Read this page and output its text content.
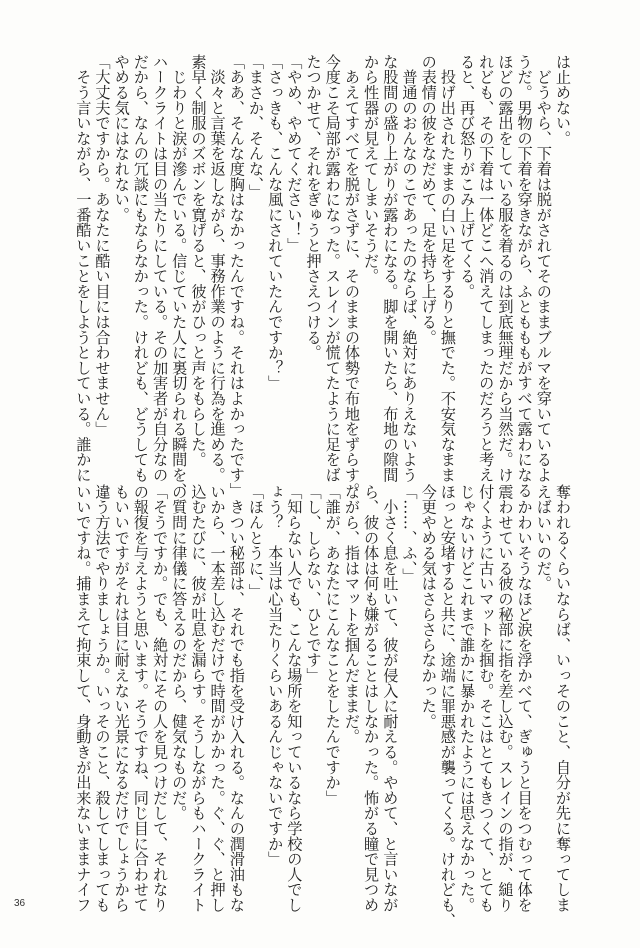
は止めない。
　どうやら、下着は脱がされてそのままブルマを穿いているよ
うだ。男物の下着を穿きながら、ふともももがすべて露わになる
ほどの露出をしている服を着るのは到底無理だから当然だ。け
れども、その下着は一体どこへ消えてしまったのだろうと考え
ると、再び怒りがこみ上げてくる。
　投げ出されたままの白い足をするりと撫でた。不安気なまま
の表情の彼をなだめて、足を持ち上げる。
　普通のおんなのこであったのならば、絶対にありえないよう
な股間の盛り上がりが露わになる。脚を開いたら、布地の隙間
から性器が見えてしまいそうだ。
　あえてすべてを脱がさずに、そのままの体勢で布地をずらす。
今度こそ局部が露わになった。スレインが慌てたように足をば
たつかせて、それをぎゅうと押さえつける。
「やめ、やめてください！」
「さっきも、こんな風にされていたんですか？」
「まさか、そんな、」
「ああ、そんな度胸はなかったんですね。それはよかったです」
　淡々と言葉を返しながら、事務作業のように行為を進める。
素早く制服のズボンを寛げると、彼がひっと声をもらした。
　じわりと涙が滲んでいる。信じていた人に裏切られる瞬間を、
ハークライトは目の当たりにしている。その加害者が自分なの
だから、なんの冗談にもならなかった。けれども、どうしても
やめる気にはなれない。
「大丈夫ですから。あなたに酷い目には合わせません」
　そう言いながら、一番酷いことをしようとしている。誰かに
奪われるくらいならば、いっそのこと、自分が先に奪ってしま
えばいいのだ。
　かわいそうなほど涙を浮かべて、ぎゅうと目をつむって体を
震わせている彼の秘部に指を差し込む。スレインの指が、縋り
付くように古いマットを掴む。そこはとてもきつくて、とても
じゃないけどこれまで誰かに暴かれたようには思えなかった。
ほっと安堵すると共に、途端に罪悪感が襲ってくる。けれども、
今更やめる気はさらさらなかった。
「……、ふ、」
　小さく息を吐いて、彼が侵入に耐える。やめて、と言いなが
ら、彼の体は何も嫌がることはしなかった。怖がる瞳で見つめ
ながら、指はマットを掴んだままだ。
「誰が、あなたにこんなことをしたんですか」
「し、しらない、ひとです」
「知らない人でも、こんな場所を知っているなら学校の人でし
ょう？　本当は心当たりくらいあるんじゃないですか」
「ほんとうに、」
　きつい秘部は、それでも指を受け入れる。なんの潤滑油もな
いから、一本差し込むだけで時間がかかった。ぐ、ぐ、と押し
込むたびに、彼が吐息を漏らす。そうしながらもハークライト
の質問に律儀に答えるのだから、健気なものだ。
「そうですか。でも、絶対にその人を見つけだして、それなり
の報復を与えようと思います。そうですね、同じ目に合わせて
もいいですがそれは目に耐えない光景になるだけでしょうから
違う方法でやりましょうか。いっそのこと、殺してしまっても
いいですね。捕まえて拘束して、身動きが出来ないままナイフ
36
